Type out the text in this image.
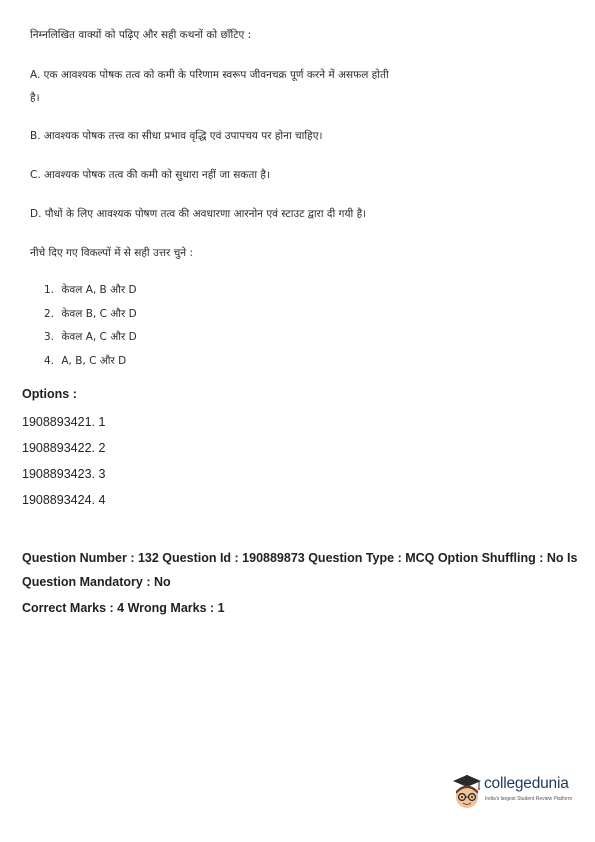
निम्नलिखित वाक्यों को पढ़िए और सही कथनों को छाँटिए :
A. एक आवश्यक पोषक तत्व को कमी के परिणाम स्वरूप जीवनचक्र पूर्ण करने में असफल होती
है।
B. आवश्यक पोषक तत्त्व का सीधा प्रभाव वृद्धि एवं उपापचय पर होना चाहिए।
C. आवश्यक पोषक तत्व की कमी को सुधारा नहीं जा सकता है।
D. पौधों के लिए आवश्यक पोषण तत्व की अवधारणा आरनोन एवं स्टाउट द्वारा दी गयी है।
नीचे दिए गए विकल्पों में से सही उत्तर चुने :
1. केवल A, B और D
2. केवल B, C और D
3. केवल A, C और D
4. A, B, C और D
Options :
1908893421. 1
1908893422. 2
1908893423. 3
1908893424. 4
Question Number : 132 Question Id : 190889873 Question Type : MCQ Option Shuffling : No Is
Question Mandatory : No
Correct Marks : 4 Wrong Marks : 1
collegedunia
India's largest Student Review Platform
